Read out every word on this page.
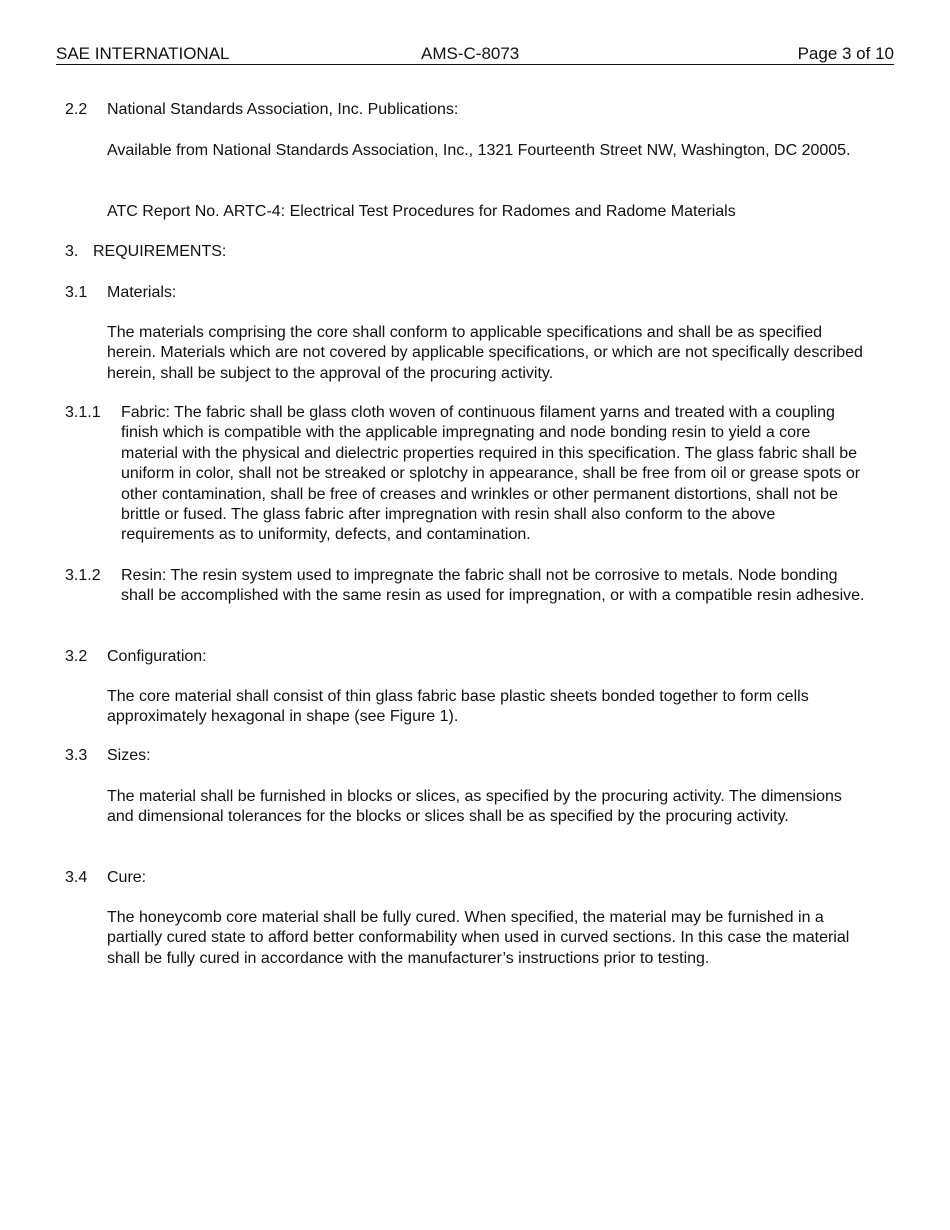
SAE INTERNATIONAL	AMS-C-8073	Page 3 of 10
2.2 National Standards Association, Inc. Publications:

Available from National Standards Association, Inc., 1321 Fourteenth Street NW, Washington, DC 20005.

ATC Report No. ARTC-4: Electrical Test Procedures for Radomes and Radome Materials

3. REQUIREMENTS:
3.1 Materials:

The materials comprising the core shall conform to applicable specifications and shall be as specified herein. Materials which are not covered by applicable specifications, or which are not specifically described herein, shall be subject to the approval of the procuring activity.

3.1.1 Fabric: The fabric shall be glass cloth woven of continuous filament yarns and treated with a coupling finish which is compatible with the applicable impregnating and node bonding resin to yield a core material with the physical and dielectric properties required in this specification. The glass fabric shall be uniform in color, shall not be streaked or splotchy in appearance, shall be free from oil or grease spots or other contamination, shall be free of creases and wrinkles or other permanent distortions, shall not be brittle or fused. The glass fabric after impregnation with resin shall also conform to the above requirements as to uniformity, defects, and contamination.

3.1.2 Resin: The resin system used to impregnate the fabric shall not be corrosive to metals. Node bonding shall be accomplished with the same resin as used for impregnation, or with a compatible resin adhesive.

3.2 Configuration:

The core material shall consist of thin glass fabric base plastic sheets bonded together to form cells approximately hexagonal in shape (see Figure 1).

3.3 Sizes:

The material shall be furnished in blocks or slices, as specified by the procuring activity. The dimensions and dimensional tolerances for the blocks or slices shall be as specified by the procuring activity.

3.4 Cure:

The honeycomb core material shall be fully cured. When specified, the material may be furnished in a partially cured state to afford better conformability when used in curved sections. In this case the material shall be fully cured in accordance with the manufacturer’s instructions prior to testing.
